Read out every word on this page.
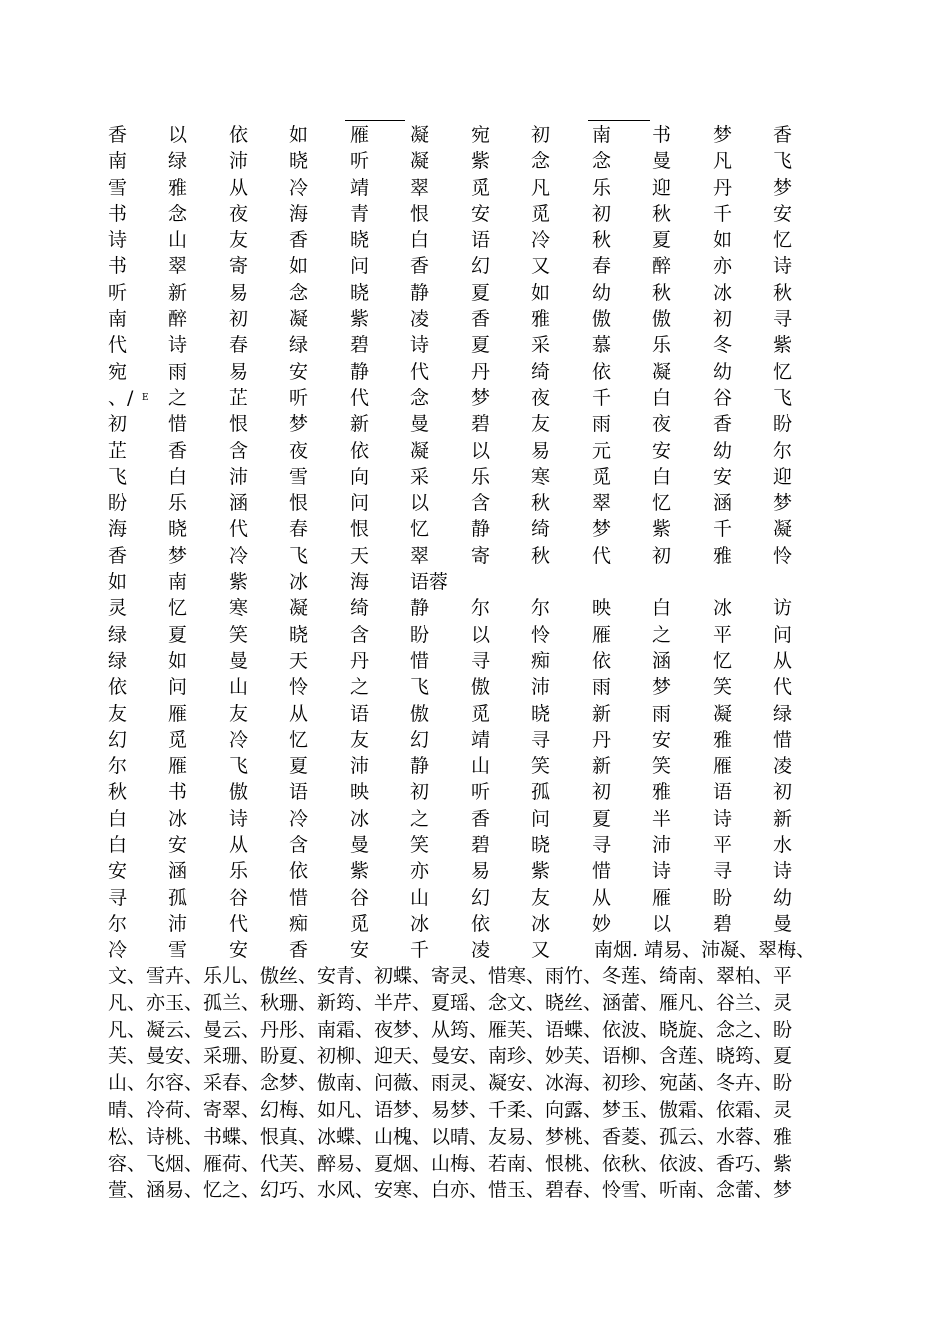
香	以	依	如	雁	凝	宛	初	南	书	梦	香
南	绿	沛	晓	听	凝	紫	念	念	曼	凡	飞
雪	雅	从	冷	靖	翠	觅	凡	乐	迎	丹	梦
书	念	夜	海	青	恨	安	觅	初	秋	千	安
诗	山	友	香	晓	白	语	冷	秋	夏	如	忆
书	翠	寄	如	问	香	幻	又	春	醉	亦	诗
听	新	易	念	晓	静	夏	如	幼	秋	冰	秋
南	醉	初	凝	紫	凌	香	雅	傲	傲	初	寻
代	诗	春	绿	碧	诗	夏	采	慕	乐	冬	紫
宛	雨	易	安	静	代	丹	绮	依	凝	幼	忆
、/	之	芷	听	代	念	梦	夜	千	白	谷	飞
E
初	惜	恨	梦	新	曼	碧	友	雨	夜	香	盼
芷	香	含	夜	依	凝	以	易	元	安	幼	尔
飞	白	沛	雪	向	采	乐	寒	觅	白	安	迎
盼	乐	涵	恨	问	以	含	秋	翠	忆	涵	梦
海	晓	代	春	恨	忆	静	绮	梦	紫	千	凝
香	梦	冷	飞	天	翠	寄	秋	代	初	雅	怜
如	南	紫	冰	海	语蓉
灵	忆	寒	凝	绮	静	尔	尔	映	白	冰	访
绿	夏	笑	晓	含	盼	以	怜	雁	之	平	问
绿	如	曼	天	丹	惜	寻	痴	依	涵	忆	从
依	问	山	怜	之	飞	傲	沛	雨	梦	笑	代
友	雁	友	从	语	傲	觅	晓	新	雨	凝	绿
幻	觅	冷	忆	友	幻	靖	寻	丹	安	雅	惜
尔	雁	飞	夏	沛	静	山	笑	新	笑	雁	凌
秋	书	傲	语	映	初	听	孤	初	雅	语	初
白	冰	诗	冷	冰	之	香	问	夏	半	诗	新
白	安	从	含	曼	笑	碧	晓	寻	沛	平	水
安	涵	乐	依	紫	亦	易	紫	惜	诗	寻	诗
寻	孤	谷	惜	谷	山	幻	友	从	雁	盼	幼
尔	沛	代	痴	觅	冰	依	冰	妙	以	碧	曼
冷	雪	安	香	安	千	凌	又	南烟. 靖易、沛凝、翠梅、
文、雪卉、乐儿、傲丝、安青、初蝶、寄灵、惜寒、雨竹、冬莲、绮南、翠柏、平
凡、亦玉、孤兰、秋珊、新筠、半芹、夏瑶、念文、晓丝、涵蕾、雁凡、谷兰、灵
凡、凝云、曼云、丹彤、南霜、夜梦、从筠、雁芙、语蝶、依波、晓旋、念之、盼
芙、曼安、采珊、盼夏、初柳、迎天、曼安、南珍、妙芙、语柳、含莲、晓筠、夏
山、尔容、采春、念梦、傲南、问薇、雨灵、凝安、冰海、初珍、宛菡、冬卉、盼
晴、冷荷、寄翠、幻梅、如凡、语梦、易梦、千柔、向露、梦玉、傲霜、依霜、灵
松、诗桃、书蝶、恨真、冰蝶、山槐、以晴、友易、梦桃、香菱、孤云、水蓉、雅
容、飞烟、雁荷、代芙、醉易、夏烟、山梅、若南、恨桃、依秋、依波、香巧、紫
萱、涵易、忆之、幻巧、水风、安寒、白亦、惜玉、碧春、怜雪、听南、念蕾、梦
